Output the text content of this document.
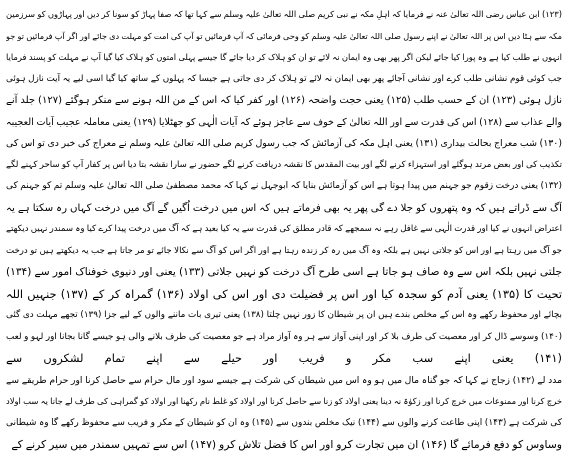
(۱۲۳) ابن عباس رضی اللہ تعالیٰ عنہ نے فرمایا کہ اہلِ مکہ نے نبی کریم صلی اللہ تعالیٰ علیہ وسلم سے کہا تھا کہ صفا پہاڑ کو سونا کر دیں اور پہاڑوں کو سرزمین
مکہ سے ہٹا دیں اس پر اللہ تعالیٰ نے اپنے رسول صلی اللہ تعالیٰ علیہ وسلم کو وحی فرمائی کہ آپ فرمائیں تو آپ کی امت کو مہلت دی جائے اور اگر آپ فرمائیں تو جو
انہوں نے طلب کیا ہے وہ پورا کیا جائے لیکن اگر پھر بھی وہ ایمان نہ لائے تو ان کو ہلاک کر دیا جائے گا جیسے پہلی امتوں کو ہلاک کیا گیا آپ نے مہلت کو پسند فرمایا
جب کوئی قوم نشانی طلب کرے اور نشانی آجائے پھر بھی ایمان نہ لائے تو ہلاک کر دی جاتی ہے جیسا کہ پہلوں کے ساتھ کیا گیا اسی لیے یہ آیت نازل ہوئی
نازل ہوئی (۱۲۳) ان کے حسب طلب (۱۲۵) یعنی حجت واضحہ (۱۲۶) اور کفر کیا کہ اس کے من اللہ ہونے سے منکر ہوگئے (۱۲۷) جلد آنے
والے عذاب سے (۱۲۸) اس کی قدرت سے اور اللہ تعالیٰ کے خوف سے عاجز ہوئے کہ آیات الٰہی کو جھٹلایا (۱۲۹) یعنی معاملہ عجیب آیات العجیبہ
(۱۳۰) شب معراج بحالت بیداری (۱۳۱) یعنی اہل مکہ کی آزمائش کہ جب رسول کریم صلی اللہ تعالیٰ علیہ وسلم نے معراج کی خبر دی تو اس کی
تکذیب کی اور بعض مرتد ہوگئے اور استہزاء کرنے لگے اور بیت المقدس کا نقشہ دریافت کرنے لگے حضور نے سارا نقشہ بتا دیا اس پر کفار آپ کو ساحر کہنے لگے
(۱۳۲) یعنی درخت زقوم جو جہنم میں پیدا ہوتا ہے اس کو آزمائش بنایا کہ ابوجہل نے کہا کہ محمد مصطفیٰ صلی اللہ تعالیٰ علیہ وسلم تم کو جہنم کی
آگ سے ڈراتے ہیں کہ وہ پتھروں کو جلا دے گی پھر یہ بھی فرماتے ہیں کہ اس میں درخت اُگیں گے آگ میں درخت کہاں رہ سکتا ہے یہ
اعتراض انہوں نے کیا اور قدرت الٰہی سے غافل رہے نہ سمجھے کہ قادر مطلق کی قدرت سے یہ کیا بعید ہے کہ آگ میں درخت پیدا کرے کیا وہ سمندر نہیں دیکھتے
جو آگ میں رہتا ہے اور اس کو جلاتی نہیں ہے بلکہ وہ آگ میں رہ کر زندہ رہتا ہے اور اگر اس کو آگ سے نکالا جائے تو مر جاتا ہے جب یہ دیکھتے ہیں تو درخت
جلتی نہیں بلکہ اس سے وہ صاف ہو جاتا ہے اسی طرح آگ درخت کو نہیں جلاتی (۱۳۳) یعنی اور دنیوی خوفناک امور سے (۱۳۴)
تحیت کا (۱۳۵) یعنی آدم کو سجدہ کیا اور اس پر فضیلت دی اور اس کی اولاد (۱۳۶) گمراہ کر کے (۱۳۷) جنہیں اللہ
بچائے اور محفوظ رکھے وہ اس کے مخلص بندے ہیں ان پر شیطان کا زور نہیں چلتا (۱۳۸) یعنی تیری بات ماننے والوں کے لیے جزا (۱۳۹) تجھے مہلت دی گئی
(۱۴۰) وسوسے ڈال کر اور معصیت کی طرف بلا کر اور اپنی آواز سے ہر وہ آواز مراد ہے جو معصیت کی طرف بلانے والی ہو جیسے گانا بجانا اور لہو و لعب
(۱۴۱) یعنی اپنے سب مکر و فریب اور حیلے سے اپنے تمام لشکروں سے
مدد لے (۱۴۲) زجاج نے کہا کہ جو گناہ مال میں ہو وہ اس میں شیطان کی شرکت ہے جیسے سود اور مال حرام سے حاصل کرنا اور حرام طریقے سے
خرچ کرنا اور ممنوعات میں خرچ کرنا اور زکوٰۃ نہ دینا یعنی اولاد کو زنا سے حاصل کرنا اور اولاد کو غلط نام رکھنا اور اولاد کو گمراہی کی طرف لے جانا یہ سب اولاد
کی شرکت ہے (۱۴۳) اپنی طاعت کرنے والوں سے (۱۴۴) نیک مخلص بندوں سے (۱۴۵) وہ ان کو شیطان کے مکر و فریب سے محفوظ رکھے گا وہ شیطانی
وساوس کو دفع فرمائے گا (۱۴۶) ان میں تجارت کرو اور اس کا فضل تلاش کرو (۱۴۷) اس سے تمہیں سمندر میں سیر کرنے کے
